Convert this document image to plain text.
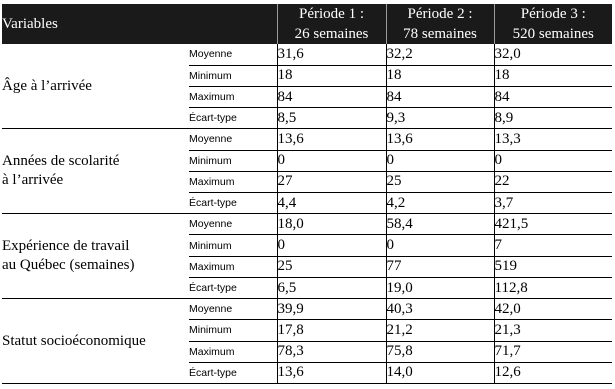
Variables		Période 1 :	Période 2 :	Période 3 :
		26 semaines	78 semaines	520 semaines

Âge à l’arrivée	Moyenne	31,6	32,2	32,0
	Minimum	18	18	18
	Maximum	84	84	84
	Écart-type	8,5	9,3	8,9

Années de scolarité
à l’arrivée	Moyenne	13,6	13,6	13,3
	Minimum	0	0	0
	Maximum	27	25	22
	Écart-type	4,4	4,2	3,7

Expérience de travail
au Québec (semaines)	Moyenne	18,0	58,4	421,5
	Minimum	0	0	7
	Maximum	25	77	519
	Écart-type	6,5	19,0	112,8

Statut socioéconomique	Moyenne	39,9	40,3	42,0
	Minimum	17,8	21,2	21,3
	Maximum	78,3	75,8	71,7
	Écart-type	13,6	14,0	12,6
